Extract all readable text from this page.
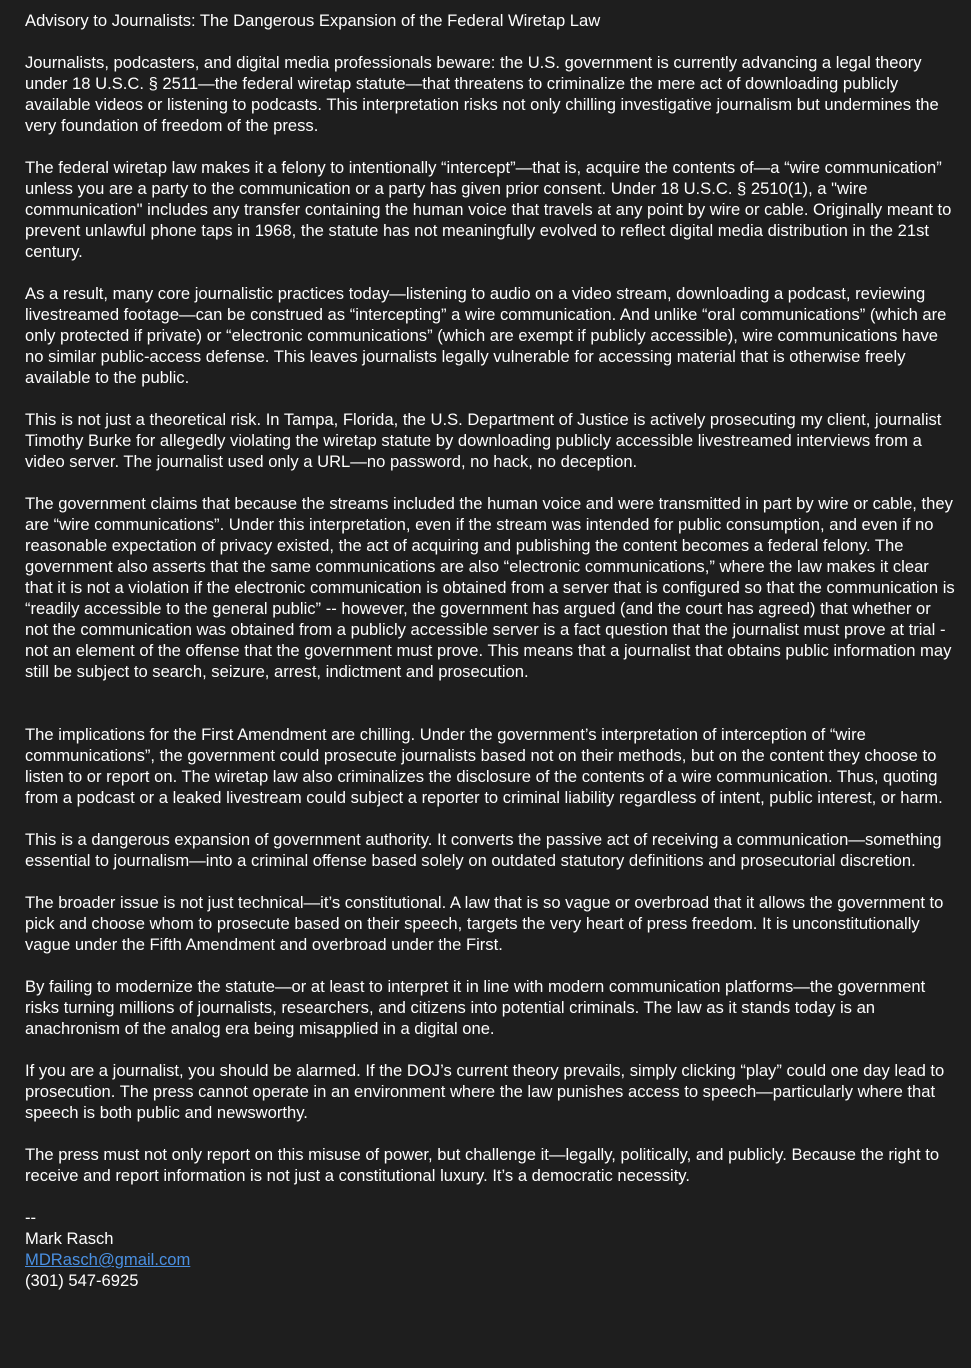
Advisory to Journalists: The Dangerous Expansion of the Federal Wiretap Law

Journalists, podcasters, and digital media professionals beware: the U.S. government is currently advancing a legal theory under 18 U.S.C. § 2511—the federal wiretap statute—that threatens to criminalize the mere act of downloading publicly available videos or listening to podcasts. This interpretation risks not only chilling investigative journalism but undermines the very foundation of freedom of the press.

The federal wiretap law makes it a felony to intentionally “intercept”—that is, acquire the contents of—a “wire communication” unless you are a party to the communication or a party has given prior consent. Under 18 U.S.C. § 2510(1), a "wire communication" includes any transfer containing the human voice that travels at any point by wire or cable. Originally meant to prevent unlawful phone taps in 1968, the statute has not meaningfully evolved to reflect digital media distribution in the 21st century.

As a result, many core journalistic practices today—listening to audio on a video stream, downloading a podcast, reviewing livestreamed footage—can be construed as “intercepting” a wire communication. And unlike “oral communications” (which are only protected if private) or “electronic communications” (which are exempt if publicly accessible), wire communications have no similar public-access defense. This leaves journalists legally vulnerable for accessing material that is otherwise freely available to the public.

This is not just a theoretical risk. In Tampa, Florida, the U.S. Department of Justice is actively prosecuting my client, journalist Timothy Burke for allegedly violating the wiretap statute by downloading publicly accessible livestreamed interviews from a video server. The journalist used only a URL—no password, no hack, no deception.

The government claims that because the streams included the human voice and were transmitted in part by wire or cable, they are “wire communications”. Under this interpretation, even if the stream was intended for public consumption, and even if no reasonable expectation of privacy existed, the act of acquiring and publishing the content becomes a federal felony. The government also asserts that the same communications are also “electronic communications,” where the law makes it clear that it is not a violation if the electronic communication is obtained from a server that is configured so that the communication is “readily accessible to the general public” -- however, the government has argued (and the court has agreed) that whether or not the communication was obtained from a publicly accessible server is a fact question that the journalist must prove at trial - not an element of the offense that the government must prove. This means that a journalist that obtains public information may still be subject to search, seizure, arrest, indictment and prosecution.

The implications for the First Amendment are chilling. Under the government’s interpretation of interception of “wire communications”, the government could prosecute journalists based not on their methods, but on the content they choose to listen to or report on. The wiretap law also criminalizes the disclosure of the contents of a wire communication. Thus, quoting from a podcast or a leaked livestream could subject a reporter to criminal liability regardless of intent, public interest, or harm.

This is a dangerous expansion of government authority. It converts the passive act of receiving a communication—something essential to journalism—into a criminal offense based solely on outdated statutory definitions and prosecutorial discretion.

The broader issue is not just technical—it’s constitutional. A law that is so vague or overbroad that it allows the government to pick and choose whom to prosecute based on their speech, targets the very heart of press freedom. It is unconstitutionally vague under the Fifth Amendment and overbroad under the First.

By failing to modernize the statute—or at least to interpret it in line with modern communication platforms—the government risks turning millions of journalists, researchers, and citizens into potential criminals. The law as it stands today is an anachronism of the analog era being misapplied in a digital one.

If you are a journalist, you should be alarmed. If the DOJ’s current theory prevails, simply clicking “play” could one day lead to prosecution. The press cannot operate in an environment where the law punishes access to speech—particularly where that speech is both public and newsworthy.

The press must not only report on this misuse of power, but challenge it—legally, politically, and publicly. Because the right to receive and report information is not just a constitutional luxury. It’s a democratic necessity.

--
Mark Rasch
MDRasch@gmail.com
(301) 547-6925
